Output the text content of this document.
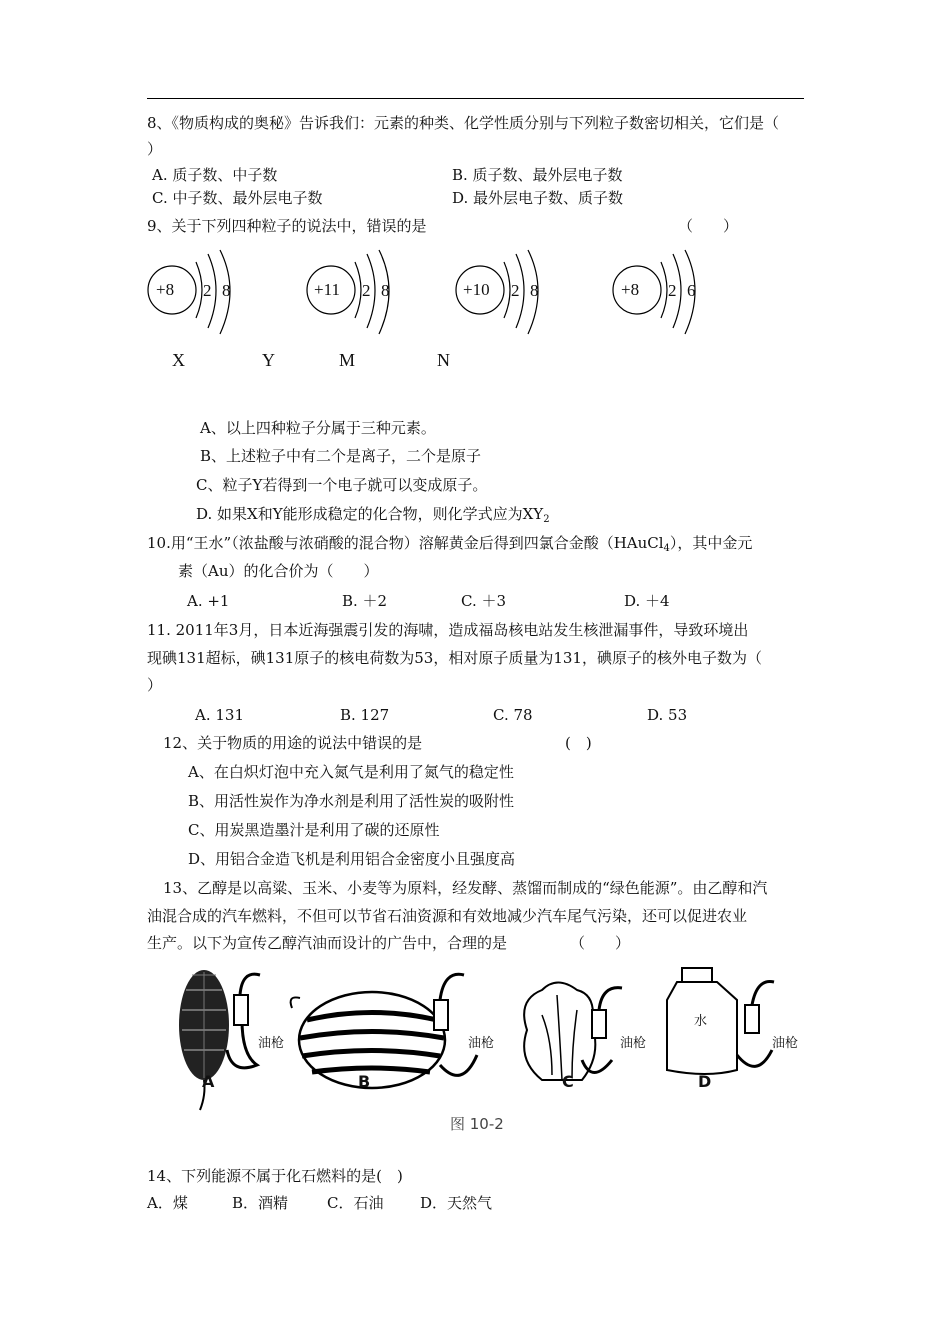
8、《物质构成的奥秘》告诉我们：元素的种类、化学性质分别与下列粒子数密切相关，它们是（
）
A. 质子数、中子数	B. 质子数、最外层电子数
C. 中子数、最外层电子数	D. 最外层电子数、质子数
9、关于下列四种粒子的说法中，错误的是	（　　）
+8 2 8	+11 2 8	+10 2 8	+8 2 6
X	Y	M	N
A、以上四种粒子分属于三种元素。
B、上述粒子中有二个是离子，二个是原子
C、粒子Y若得到一个电子就可以变成原子。
D. 如果X和Y能形成稳定的化合物，则化学式应为$XY_2$
10.用“王水”（浓盐酸与浓硝酸的混合物）溶解黄金后得到四氯合金酸（HAuCl$_4$），其中金元
素（Au）的化合价为（　　）
A. +1	B. ＋2	C. ＋3	D. ＋4
11. 2011年3月，日本近海强震引发的海啸，造成福岛核电站发生核泄漏事件，导致环境出
现碘131超标，碘131原子的核电荷数为53，相对原子质量为131，碘原子的核外电子数为（
）
A. 131	B. 127	C. 78	D. 53
12、关于物质的用途的说法中错误的是	(　)
A、在白炽灯泡中充入氮气是利用了氮气的稳定性
B、用活性炭作为净水剂是利用了活性炭的吸附性
C、用炭黑造墨汁是利用了碳的还原性
D、用铝合金造飞机是利用铝合金密度小且强度高
13、乙醇是以高粱、玉米、小麦等为原料，经发酵、蒸馏而制成的“绿色能源”。由乙醇和汽
油混合成的汽车燃料，不但可以节省石油资源和有效地减少汽车尾气污染，还可以促进农业
生产。以下为宣传乙醇汽油而设计的广告中，合理的是	（　　）
油枪	油枪	油枪	油枪
水
A	B	C	D
图 10-2
14、下列能源不属于化石燃料的是(　)
A．煤	B．酒精	C．石油 D．天然气
